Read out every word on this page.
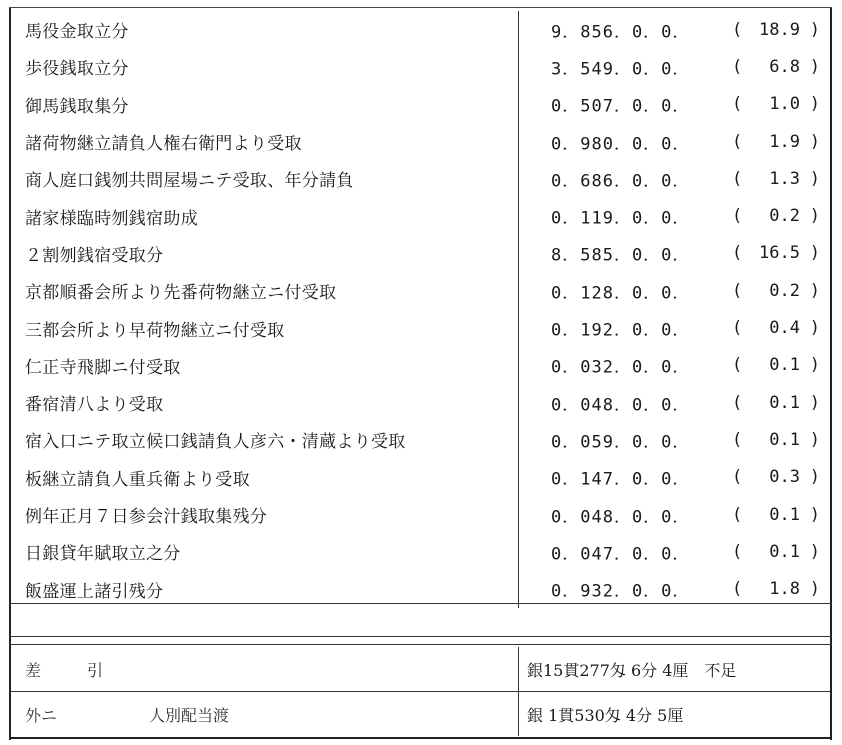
馬役金取立分	9．856．0．0． ( 18.9 )

歩役銭取立分	3．549．0．0． ( 6.8 )

御馬銭取集分	0．507．0．0． ( 1.0 )

諸荷物継立請負人権右衛門より受取	0．980．0．0． ( 1.9 )

商人庭口銭刎共問屋場ニテ受取、年分請負	0．686．0．0． ( 1.3 )

諸家様臨時刎銭宿助成	0．119．0．0． ( 0.2 )

２割刎銭宿受取分	8．585．0．0． ( 16.5 )

京都順番会所より先番荷物継立ニ付受取	0．128．0．0． ( 0.2 )

三都会所より早荷物継立ニ付受取	0．192．0．0． ( 0.4 )

仁正寺飛脚ニ付受取	0．032．0．0． ( 0.1 )

番宿清八より受取	0．048．0．0． ( 0.1 )

宿入口ニテ取立候口銭請負人彦六・清蔵より受取	0．059．0．0． ( 0.1 )

板継立請負人重兵衛より受取	0．147．0．0． ( 0.3 )

例年正月７日参会汁銭取集残分	0．048．0．0． ( 0.1 )

日銀貸年賦取立之分	0．047．0．0． ( 0.1 )

飯盛運上諸引残分	0．932．0．0． ( 1.8 )
差 引	銀15貫277匁 6分 4厘　不足
外ニ 人別配当渡	銀 1貫530匁 4分 5厘
